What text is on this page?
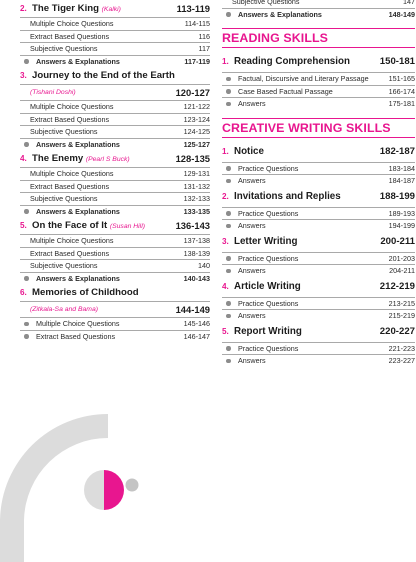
2. The Tiger King (Kalki)	113-119
Multiple Choice Questions	114-115
Extract Based Questions	116
Subjective Questions	117
Answers & Explanations	117-119
3. Journey to the End of the Earth
(Tishani Doshi)	120-127
Multiple Choice Questions	121-122
Extract Based Questions	123-124
Subjective Questions	124-125
Answers & Explanations	125-127
4. The Enemy (Pearl S Buck)	128-135
Multiple Choice Questions	129-131
Extract Based Questions	131-132
Subjective Questions	132-133
Answers & Explanations	133-135
5. On the Face of It (Susan Hill)	136-143
Multiple Choice Questions	137-138
Extract Based Questions	138-139
Subjective Questions	140
Answers & Explanations	140-143
6. Memories of Childhood
(Zitkala-Sa and Bama)	144-149
Multiple Choice Questions	145-146
Extract Based Questions	146-147
Subjective Questions	147
Answers & Explanations	148-149
READING SKILLS
1. Reading Comprehension	150-181
Factual, Discursive and Literary Passage	151-165
Case Based Factual Passage	166-174
Answers	175-181
CREATIVE WRITING SKILLS
1. Notice	182-187
Practice Questions	183-184
Answers	184-187
2. Invitations and Replies	188-199
Practice Questions	189-193
Answers	194-199
3. Letter Writing	200-211
Practice Questions	201-203
Answers	204-211
4. Article Writing	212-219
Practice Questions	213-215
Answers	215-219
5. Report Writing	220-227
Practice Questions	221-223
Answers	223-227
